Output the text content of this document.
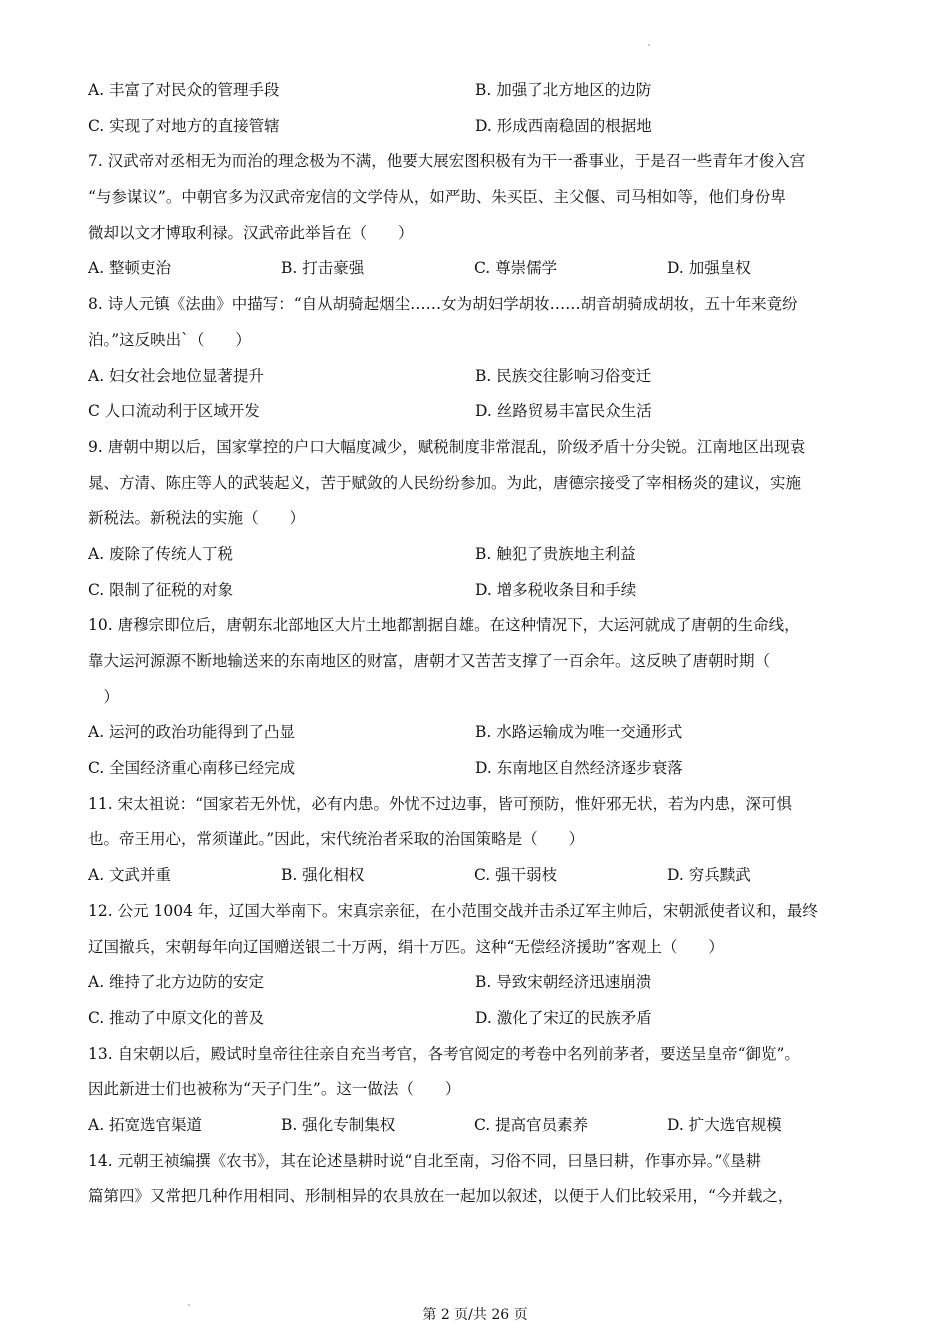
A. 丰富了对民众的管理手段	B. 加强了北方地区的边防
C. 实现了对地方的直接管辖	D. 形成西南稳固的根据地
7. 汉武帝对丞相无为而治的理念极为不满，他要大展宏图积极有为干一番事业，于是召一些青年才俊入宫
“与参谋议”。中朝官多为汉武帝宠信的文学侍从，如严助、朱买臣、主父偃、司马相如等，他们身份卑
微却以文才博取利禄。汉武帝此举旨在（　　）
A. 整顿吏治	B. 打击豪强	C. 尊崇儒学	D. 加强皇权
8. 诗人元镇《法曲》中描写：“自从胡骑起烟尘……女为胡妇学胡妆……胡音胡骑成胡妆，五十年来竟纷
泊。”这反映出`（　　）
A. 妇女社会地位显著提升	B. 民族交往影响习俗变迁
C 人口流动利于区域开发	D. 丝路贸易丰富民众生活
9. 唐朝中期以后，国家掌控的户口大幅度减少，赋税制度非常混乱，阶级矛盾十分尖锐。江南地区出现袁
晁、方清、陈庄等人的武装起义，苦于赋敛的人民纷纷参加。为此，唐德宗接受了宰相杨炎的建议，实施
新税法。新税法的实施（　　）
A. 废除了传统人丁税	B. 触犯了贵族地主利益
C. 限制了征税的对象	D. 增多税收条目和手续
10. 唐穆宗即位后，唐朝东北部地区大片土地都割据自雄。在这种情况下，大运河就成了唐朝的生命线，
靠大运河源源不断地输送来的东南地区的财富，唐朝才又苦苦支撑了一百余年。这反映了唐朝时期（
　）
A. 运河的政治功能得到了凸显	B. 水路运输成为唯一交通形式
C. 全国经济重心南移已经完成	D. 东南地区自然经济逐步衰落
11. 宋太祖说：“国家若无外忧，必有内患。外忧不过边事，皆可预防，惟奸邪无状，若为内患，深可惧
也。帝王用心，常须谨此。”因此，宋代统治者采取的治国策略是（　　）
A. 文武并重	B. 强化相权	C. 强干弱枝	D. 穷兵黩武
12. 公元 1004 年，辽国大举南下。宋真宗亲征，在小范围交战并击杀辽军主帅后，宋朝派使者议和，最终
辽国撤兵，宋朝每年向辽国赠送银二十万两，绢十万匹。这种“无偿经济援助”客观上（　　）
A. 维持了北方边防的安定	B. 导致宋朝经济迅速崩溃
C. 推动了中原文化的普及	D. 激化了宋辽的民族矛盾
13. 自宋朝以后，殿试时皇帝往往亲自充当考官，各考官阅定的考卷中名列前茅者，要送呈皇帝“御览”。
因此新进士们也被称为“天子门生”。这一做法（　　）
A. 拓宽选官渠道	B. 强化专制集权	C. 提高官员素养	D. 扩大选官规模
14. 元朝王祯编撰《农书》，其在论述垦耕时说“自北至南，习俗不同，曰垦曰耕，作事亦异。”《垦耕
篇第四》又常把几种作用相同、形制相异的农具放在一起加以叙述，以便于人们比较采用，“今并载之，
第 2 页/共 26 页
